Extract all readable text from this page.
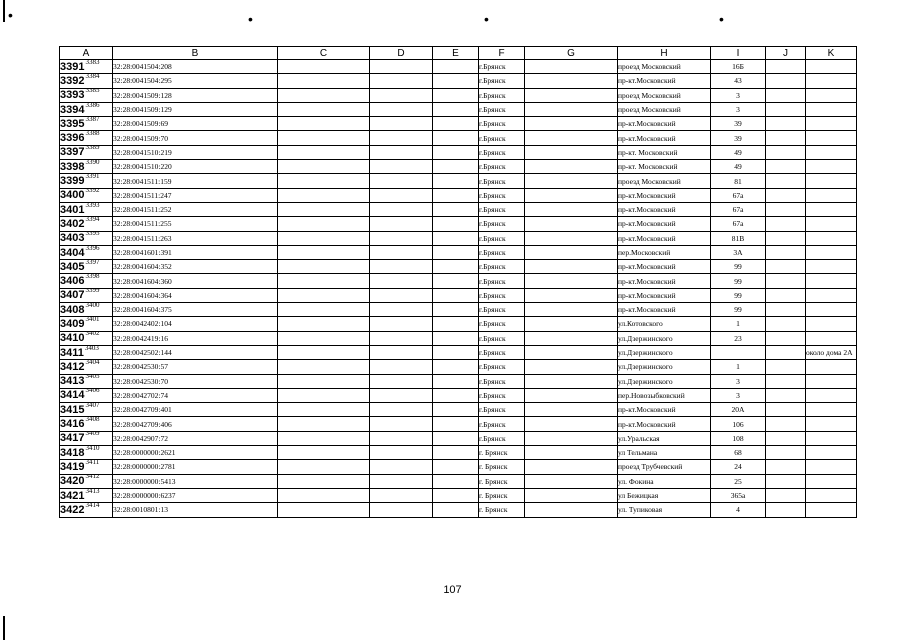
•	•	•	•
A	B	C	D	E	F	G	H	I	J	K	
$3391^{3383}$	32:28:0041504:208				г.Брянск		проезд Московский	16Б			
$3392^{3384}$	32:28:0041504:295				г.Брянск		пр-кт.Московский	43			
$3393^{3385}$	32:28:0041509:128				г.Брянск		проезд Московский	3			
$3394^{3386}$	32:28:0041509:129				г.Брянск		проезд Московский	3			
$3395^{3387}$	32:28:0041509:69				г.Брянск		пр-кт.Московский	39			
$3396^{3388}$	32:28:0041509:70				г.Брянск		пр-кт.Московский	39			
$3397^{3389}$	32:28:0041510:219				г.Брянск		пр-кт. Московский	49			
$3398^{3390}$	32:28:0041510:220				г.Брянск		пр-кт. Московский	49			
$3399^{3391}$	32:28:0041511:159				г.Брянск		проезд Московский	81			
$3400^{3392}$	32:28:0041511:247				г.Брянск		пр-кт.Московский	67а			
$3401^{3393}$	32:28:0041511:252				г.Брянск		пр-кт.Московский	67а			
$3402^{3394}$	32:28:0041511:255				г.Брянск		пр-кт.Московский	67а			
$3403^{3395}$	32:28:0041511:263				г.Брянск		пр-кт.Московский	81В			
$3404^{3396}$	32:28:0041601:391				г.Брянск		пер.Московский	3А			
$3405^{3397}$	32:28:0041604:352				г.Брянск		пр-кт.Московский	99			
$3406^{3398}$	32:28:0041604:360				г.Брянск		пр-кт.Московский	99			
$3407^{3399}$	32:28:0041604:364				г.Брянск		пр-кт.Московский	99			
$3408^{3400}$	32:28:0041604:375				г.Брянск		пр-кт.Московский	99			
$3409^{3401}$	32:28:0042402:104				г.Брянск		ул.Котовского	1			
$3410^{3402}$	32:28:0042419:16				г.Брянск		ул.Дзержинского	23			
$3411^{3403}$	32:28:0042502:144				г.Брянск		ул.Дзержинского			около дома 2А	
$3412^{3404}$	32:28:0042530:57				г.Брянск		ул.Дзержинского	1			
$3413^{3405}$	32:28:0042530:70				г.Брянск		ул.Дзержинского	3			
$3414^{3406}$	32:28:0042702:74				г.Брянск		пер.Новозыбковский	3			
$3415^{3407}$	32:28:0042709:401				г.Брянск		пр-кт.Московский	20А			
$3416^{3408}$	32:28:0042709:406				г.Брянск		пр-кт.Московский	106			
$3417^{3409}$	32:28:0042907:72				г.Брянск		ул.Уральская	108			
$3418^{3410}$	32:28:0000000:2621				г. Брянск		ул Тельмана	68			
$3419^{3411}$	32:28:0000000:2781				г. Брянск		проезд Трубчевский	24			
$3420^{3412}$	32:28:0000000:5413				г. Брянск		ул. Фокина	25			
$3421^{3413}$	32:28:0000000:6237				г. Брянск		ул Бежицкая	365а			
$3422^{3414}$	32:28:0010801:13				г. Брянск		ул. Тупиковая	4			
107
